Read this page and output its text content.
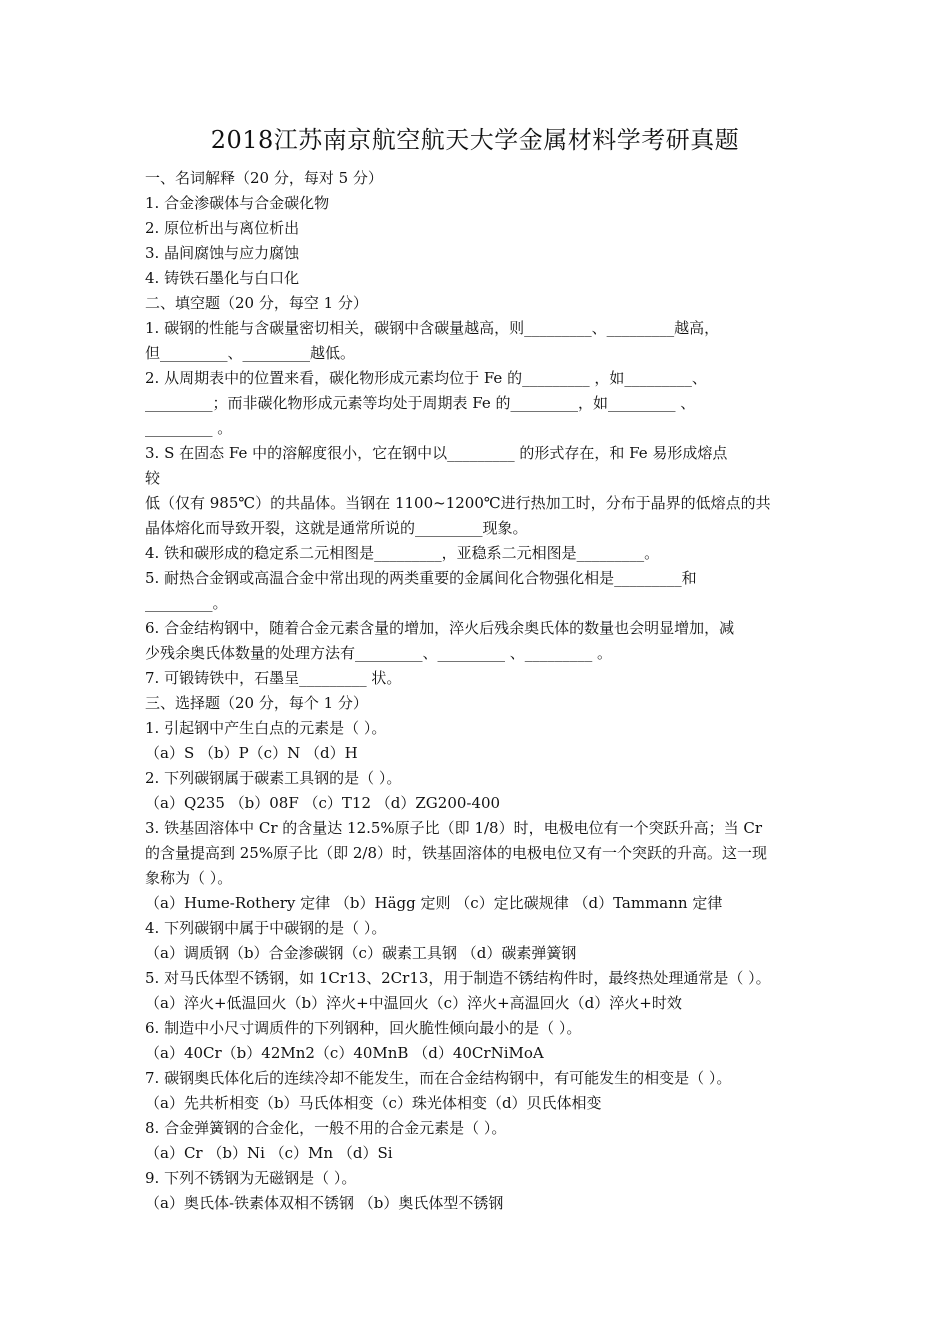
2018江苏南京航空航天大学金属材料学考研真题
一、名词解释（20 分，每对 5 分）
1. 合金渗碳体与合金碳化物
2. 原位析出与离位析出
3. 晶间腐蚀与应力腐蚀
4. 铸铁石墨化与白口化
二、填空题（20 分，每空 1 分）
1. 碳钢的性能与含碳量密切相关，碳钢中含碳量越高，则_________、_________越高，
但_________、_________越低。
2. 从周期表中的位置来看，碳化物形成元素均位于 Fe 的_________ ，如_________、
_________；而非碳化物形成元素等均处于周期表 Fe 的_________，如_________ 、
_________ 。
3. S 在固态 Fe 中的溶解度很小，它在钢中以_________ 的形式存在，和 Fe 易形成熔点
较
低（仅有 985℃）的共晶体。当钢在 1100~1200℃进行热加工时，分布于晶界的低熔点的共
晶体熔化而导致开裂，这就是通常所说的_________现象。
4. 铁和碳形成的稳定系二元相图是_________，亚稳系二元相图是_________。
5. 耐热合金钢或高温合金中常出现的两类重要的金属间化合物强化相是_________和
_________。
6. 合金结构钢中，随着合金元素含量的增加，淬火后残余奥氏体的数量也会明显增加，减
少残余奥氏体数量的处理方法有_________、_________ 、_________ 。
7. 可锻铸铁中，石墨呈_________ 状。
三、选择题（20 分，每个 1 分）
1. 引起钢中产生白点的元素是（ ）。
（a）S （b）P（c）N （d）H
2. 下列碳钢属于碳素工具钢的是（ ）。
（a）Q235 （b）08F （c）T12 （d）ZG200-400
3. 铁基固溶体中 Cr 的含量达 12.5%原子比（即 1/8）时，电极电位有一个突跃升高；当 Cr
的含量提高到 25%原子比（即 2/8）时，铁基固溶体的电极电位又有一个突跃的升高。这一现
象称为（ ）。
（a）Hume-Rothery 定律 （b）Hägg 定则 （c）定比碳规律 （d）Tammann 定律
4. 下列碳钢中属于中碳钢的是（ ）。
（a）调质钢（b）合金渗碳钢（c）碳素工具钢 （d）碳素弹簧钢
5. 对马氏体型不锈钢，如 1Cr13、2Cr13，用于制造不锈结构件时，最终热处理通常是（ ）。
（a）淬火+低温回火（b）淬火+中温回火（c）淬火+高温回火（d）淬火+时效
6. 制造中小尺寸调质件的下列钢种，回火脆性倾向最小的是（ ）。
（a）40Cr（b）42Mn2（c）40MnB （d）40CrNiMoA
7. 碳钢奥氏体化后的连续冷却不能发生，而在合金结构钢中，有可能发生的相变是（ ）。
（a）先共析相变（b）马氏体相变（c）珠光体相变（d）贝氏体相变
8. 合金弹簧钢的合金化，一般不用的合金元素是（ ）。
（a）Cr （b）Ni （c）Mn （d）Si
9. 下列不锈钢为无磁钢是（ ）。
（a）奥氏体-铁素体双相不锈钢 （b）奥氏体型不锈钢
